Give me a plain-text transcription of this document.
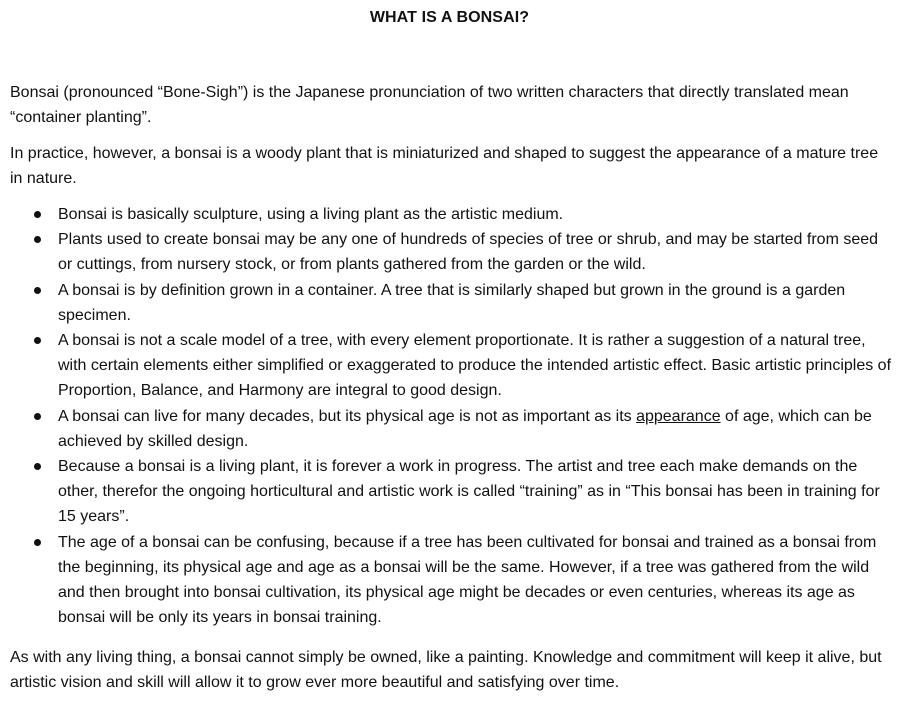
WHAT IS A BONSAI?

Bonsai (pronounced “Bone-Sigh”) is the Japanese pronunciation of two written characters that directly translated mean “container planting”.

In practice, however, a bonsai is a woody plant that is miniaturized and shaped to suggest the appearance of a mature tree in nature.

Bonsai is basically sculpture, using a living plant as the artistic medium.
Plants used to create bonsai may be any one of hundreds of species of tree or shrub, and may be started from seed or cuttings, from nursery stock, or from plants gathered from the garden or the wild.
A bonsai is by definition grown in a container. A tree that is similarly shaped but grown in the ground is a garden specimen.
A bonsai is not a scale model of a tree, with every element proportionate. It is rather a suggestion of a natural tree, with certain elements either simplified or exaggerated to produce the intended artistic effect. Basic artistic principles of Proportion, Balance, and Harmony are integral to good design.
A bonsai can live for many decades, but its physical age is not as important as its appearance of age, which can be achieved by skilled design.
Because a bonsai is a living plant, it is forever a work in progress. The artist and tree each make demands on the other, therefor the ongoing horticultural and artistic work is called “training” as in “This bonsai has been in training for 15 years”.
The age of a bonsai can be confusing, because if a tree has been cultivated for bonsai and trained as a bonsai from the beginning, its physical age and age as a bonsai will be the same. However, if a tree was gathered from the wild and then brought into bonsai cultivation, its physical age might be decades or even centuries, whereas its age as bonsai will be only its years in bonsai training.

As with any living thing, a bonsai cannot simply be owned, like a painting. Knowledge and commitment will keep it alive, but artistic vision and skill will allow it to grow ever more beautiful and satisfying over time.
